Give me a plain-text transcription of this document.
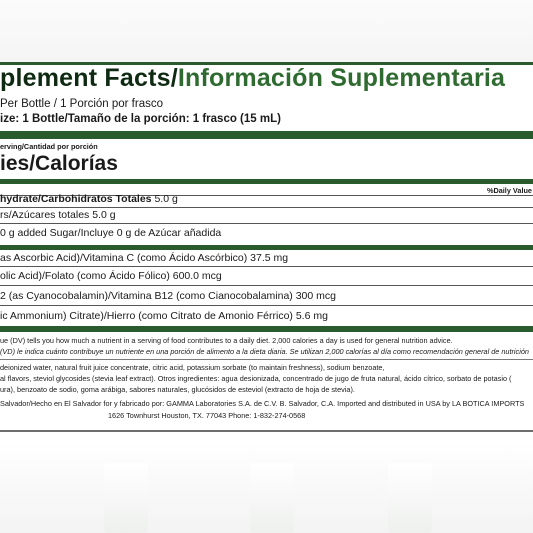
plement Facts/Información Suplementaria
Per Bottle / 1 Porción por frasco
ize: 1 Bottle/Tamaño de la porción: 1 frasco (15 mL)
erving/Cantidad por porción
ies/Calorías
%Daily Value
hydrate/Carbohidratos Totales 5.0 g
rs/Azúcares totales 5.0 g
0 g added Sugar/Incluye 0 g de Azúcar añadida
as Ascorbic Acid)/Vitamina C (como Ácido Ascórbico) 37.5 mg
olic Acid)/Folato (como Ácido Fólico) 600.0 mcg
2 (as Cyanocobalamin)/Vitamina B12 (como Cianocobalamina) 300 mcg
ic Ammonium) Citrate)/Hierro (como Citrato de Amonio Férrico) 5.6 mg
ue (DV) tells you how much a nutrient in a serving of food contributes to a daily diet. 2,000 calories a day is used for general nutrition advice.
(VD) le indica cuánto contribuye un nutriente en una porción de alimento a la dieta diaria. Se utilizan 2,000 calorías al día como recomendación general de nutrición
deionized water, natural fruit juice concentrate, citric acid, potassium sorbate (to maintain freshness), sodium benzoate,
al flavors, steviol glycosides (stevia leaf extract). Otros ingredientes: agua desionizada, concentrado de jugo de fruta natural, ácido cítrico, sorbato de potasio (
ura), benzoato de sodio, goma arábiga, sabores naturales, glucósidos de esteviol (extracto de hoja de stevia).
Salvador/Hecho en El Salvador for y fabricado por: GAMMA Laboratories S.A. de C.V. B. Salvador, C.A. Imported and distributed in USA by LA BOTICA IMPORTS
1626 Townhurst Houston, TX. 77043 Phone: 1-832-274-0568
